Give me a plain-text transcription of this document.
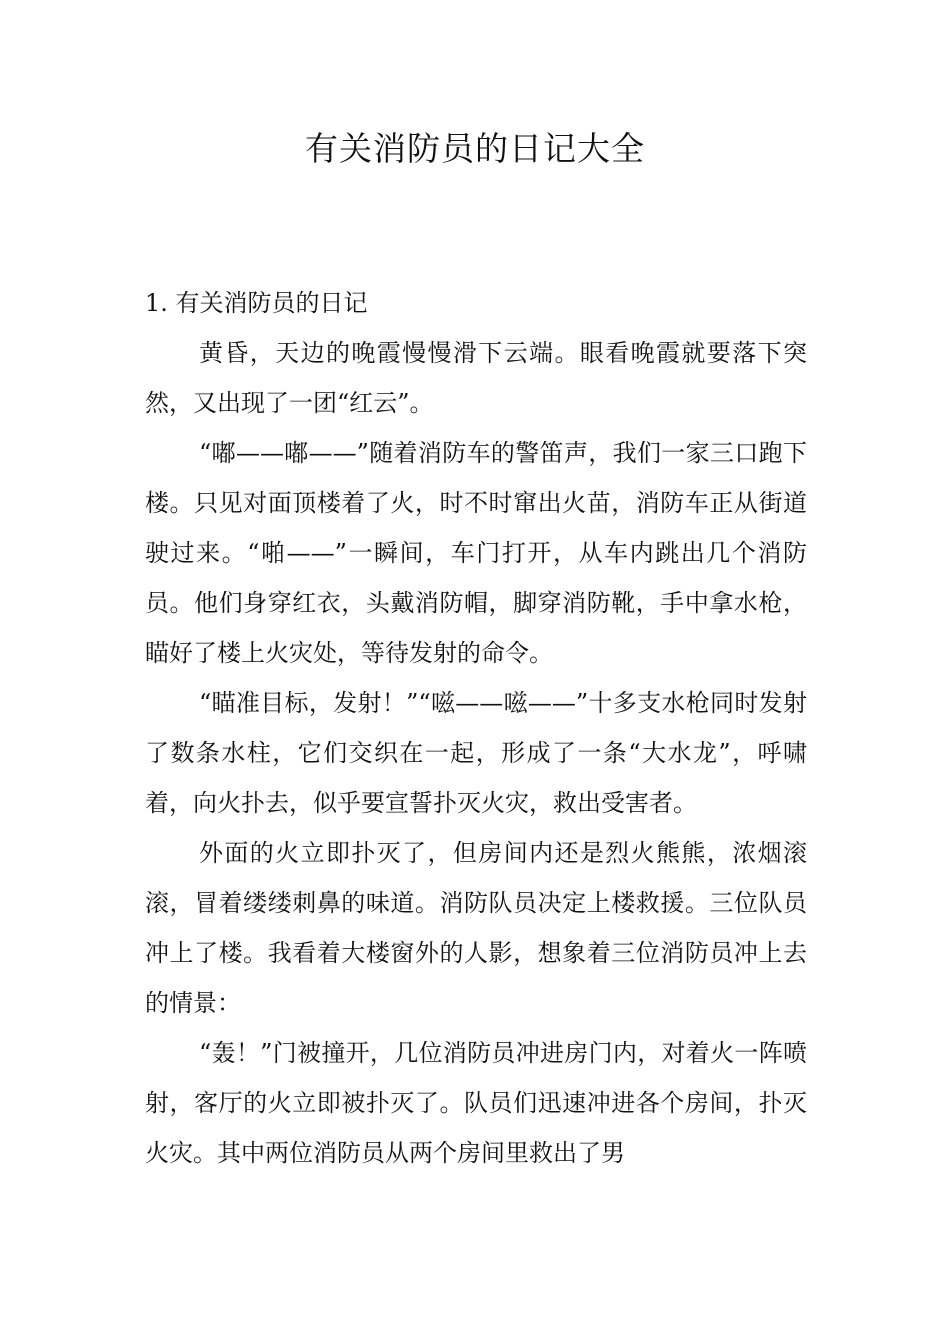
有关消防员的日记大全

1. 有关消防员的日记

黄昏，天边的晚霞慢慢滑下云端。眼看晚霞就要落下突然，又出现了一团“红云”。

“嘟——嘟——”随着消防车的警笛声，我们一家三口跑下楼。只见对面顶楼着了火，时不时窜出火苗，消防车正从街道驶过来。“啪——”一瞬间，车门打开，从车内跳出几个消防员。他们身穿红衣，头戴消防帽，脚穿消防靴，手中拿水枪，瞄好了楼上火灾处，等待发射的命令。

“瞄准目标，发射！”“嗞——嗞——”十多支水枪同时发射了数条水柱，它们交织在一起，形成了一条“大水龙”，呼啸着，向火扑去，似乎要宣誓扑灭火灾，救出受害者。

外面的火立即扑灭了，但房间内还是烈火熊熊，浓烟滚滚，冒着缕缕刺鼻的味道。消防队员决定上楼救援。三位队员冲上了楼。我看着大楼窗外的人影，想象着三位消防员冲上去的情景：

“轰！”门被撞开，几位消防员冲进房门内，对着火一阵喷 射，客厅的火立即被扑灭了。队员们迅速冲进各个房间，扑灭火灾。其中两位消防员从两个房间里救出了男
